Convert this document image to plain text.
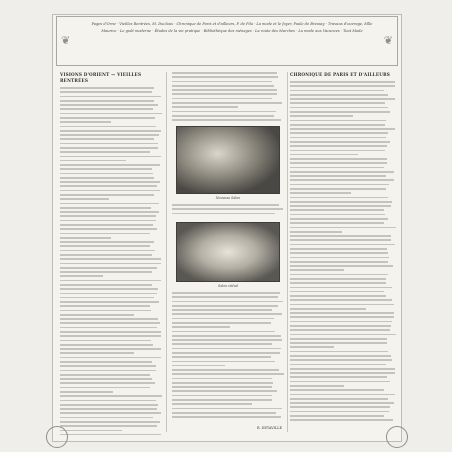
❦	❦
Pages d'Orne · Vieilles Rentrées, M. Duclaux · Chronique de Paris et d'ailleurs, P. de Pila · La mode et le foyer, Paule de Bressay · Travaux d'ouvrage, Mlle Maurice · Le goût moderne · Études de la vie pratique · Bibliothèque des ménages · La route des Marches · La mode aux Vacances · Tout Mode
VISIONS D'ORIENT — VIEILLES RENTRÉES
Nouveau Salon
Salon réduit
R. DETAVILLE
CHRONIQUE DE PARIS ET D'AILLEURS
